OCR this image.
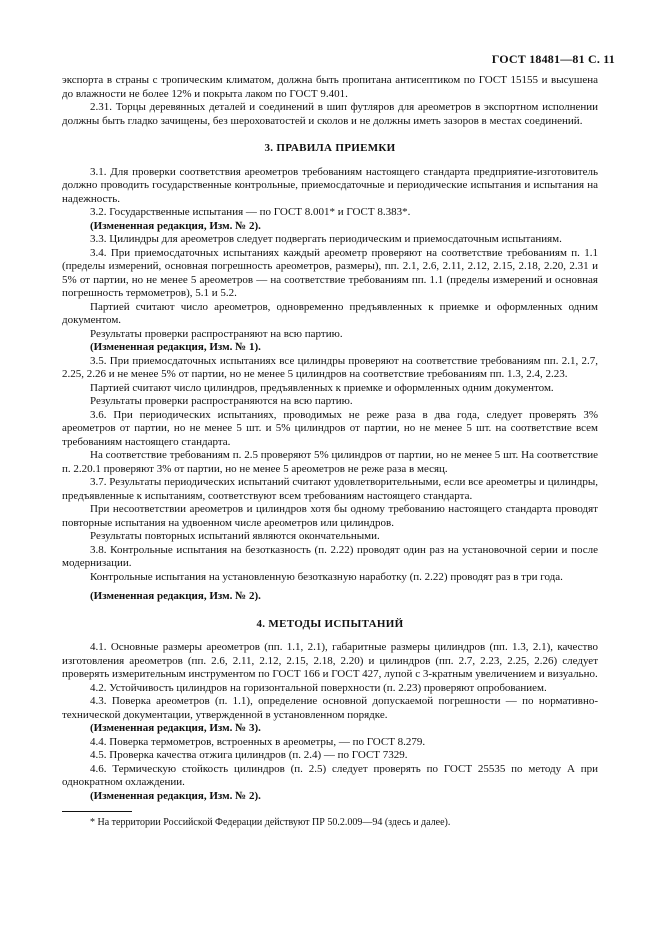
ГОСТ 18481—81 С. 11

экспорта в страны с тропическим климатом, должна быть пропитана антисептиком по ГОСТ 15155 и высушена до влажности не более 12% и покрыта лаком по ГОСТ 9.401.

2.31. Торцы деревянных деталей и соединений в шип футляров для ареометров в экспортном исполнении должны быть гладко зачищены, без шероховатостей и сколов и не должны иметь зазоров в местах соединений.

3. ПРАВИЛА ПРИЕМКИ

3.1. Для проверки соответствия ареометров требованиям настоящего стандарта предприятие-изготовитель должно проводить государственные контрольные, приемосдаточные и периодические испытания и испытания на надежность.

3.2. Государственные испытания — по ГОСТ 8.001* и ГОСТ 8.383*.

(Измененная редакция, Изм. № 2).

3.3. Цилиндры для ареометров следует подвергать периодическим и приемосдаточным испытаниям.

3.4. При приемосдаточных испытаниях каждый ареометр проверяют на соответствие требованиям п. 1.1 (пределы измерений, основная погрешность ареометров, размеры), пп. 2.1, 2.6, 2.11, 2.12, 2.15, 2.18, 2.20, 2.31 и 5% от партии, но не менее 5 ареометров — на соответствие требованиям пп. 1.1 (пределы измерений и основная погрешность термометров), 5.1 и 5.2.

Партией считают число ареометров, одновременно предъявленных к приемке и оформленных одним документом.

Результаты проверки распространяют на всю партию.

(Измененная редакция, Изм. № 1).

3.5. При приемосдаточных испытаниях все цилиндры проверяют на соответствие требованиям пп. 2.1, 2.7, 2.25, 2.26 и не менее 5% от партии, но не менее 5 цилиндров на соответствие требованиям пп. 1.3, 2.4, 2.23.

Партией считают число цилиндров, предъявленных к приемке и оформленных одним документом.

Результаты проверки распространяются на всю партию.

3.6. При периодических испытаниях, проводимых не реже раза в два года, следует проверять 3% ареометров от партии, но не менее 5 шт. и 5% цилиндров от партии, но не менее 5 шт. на соответствие всем требованиям настоящего стандарта.

На соответствие требованиям п. 2.5 проверяют 5% цилиндров от партии, но не менее 5 шт. На соответствие п. 2.20.1 проверяют 3% от партии, но не менее 5 ареометров не реже раза в месяц.

3.7. Результаты периодических испытаний считают удовлетворительными, если все ареометры и цилиндры, предъявленные к испытаниям, соответствуют всем требованиям настоящего стандарта.

При несоответствии ареометров и цилиндров хотя бы одному требованию настоящего стандарта проводят повторные испытания на удвоенном числе ареометров или цилиндров.

Результаты повторных испытаний являются окончательными.

3.8. Контрольные испытания на безотказность (п. 2.22) проводят один раз на установочной серии и после модернизации.

Контрольные испытания на установленную безотказную наработку (п. 2.22) проводят раз в три года.

(Измененная редакция, Изм. № 2).

4. МЕТОДЫ ИСПЫТАНИЙ

4.1. Основные размеры ареометров (пп. 1.1, 2.1), габаритные размеры цилиндров (пп. 1.3, 2.1), качество изготовления ареометров (пп. 2.6, 2.11, 2.12, 2.15, 2.18, 2.20) и цилиндров (пп. 2.7, 2.23, 2.25, 2.26) следует проверять измерительным инструментом по ГОСТ 166 и ГОСТ 427, лупой с 3-кратным увеличением и визуально.

4.2. Устойчивость цилиндров на горизонтальной поверхности (п. 2.23) проверяют опробованием.

4.3. Поверка ареометров (п. 1.1), определение основной допускаемой погрешности — по нормативно-технической документации, утвержденной в установленном порядке.

(Измененная редакция, Изм. № 3).

4.4. Поверка термометров, встроенных в ареометры, — по ГОСТ 8.279.

4.5. Проверка качества отжига цилиндров (п. 2.4) — по ГОСТ 7329.

4.6. Термическую стойкость цилиндров (п. 2.5) следует проверять по ГОСТ 25535 по методу А при однократном охлаждении.

(Измененная редакция, Изм. № 2).

* На территории Российской Федерации действуют ПР 50.2.009—94 (здесь и далее).
